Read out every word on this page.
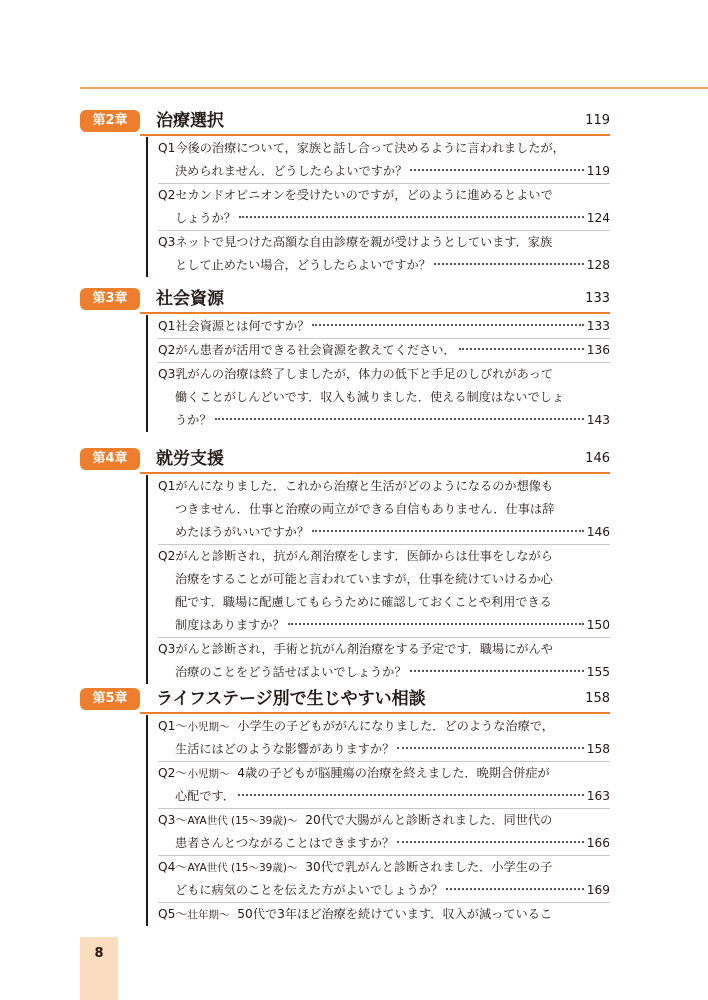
第2章	治療選択	119
Q1今後の治療について，家族と話し合って決めるように言われましたが，
決められません．どうしたらよいですか？	119
Q2セカンドオピニオンを受けたいのですが，どのように進めるとよいで
しょうか？	124
Q3ネットで見つけた高額な自由診療を親が受けようとしています．家族
として止めたい場合，どうしたらよいですか？	128
第3章	社会資源	133
Q1社会資源とは何ですか？	133
Q2がん患者が活用できる社会資源を教えてください．	136
Q3乳がんの治療は終了しましたが，体力の低下と手足のしびれがあって
働くことがしんどいです．収入も減りました．使える制度はないでしょ
うか？	143
第4章	就労支援	146
Q1がんになりました．これから治療と生活がどのようになるのか想像も
つきません．仕事と治療の両立ができる自信もありません．仕事は辞
めたほうがいいですか？	146
Q2がんと診断され，抗がん剤治療をします．医師からは仕事をしながら
治療をすることが可能と言われていますが，仕事を続けていけるか心
配です．職場に配慮してもらうために確認しておくことや利用できる
制度はありますか？	150
Q3がんと診断され，手術と抗がん剤治療をする予定です．職場にがんや
治療のことをどう話せばよいでしょうか？	155
第5章	ライフステージ別で生じやすい相談	158
Q1～小児期～ 小学生の子どもががんになりました．どのような治療で，
生活にはどのような影響がありますか？	158
Q2～小児期～ 4歳の子どもが脳腫瘍の治療を終えました．晩期合併症が
心配です．	163
Q3～AYA世代 (15～39歳)～ 20代で大腸がんと診断されました．同世代の
患者さんとつながることはできますか？	166
Q4～AYA世代 (15～39歳)～ 30代で乳がんと診断されました．小学生の子
どもに病気のことを伝えた方がよいでしょうか？	169
Q5～壮年期～ 50代で3年ほど治療を続けています．収入が減っているこ
8
